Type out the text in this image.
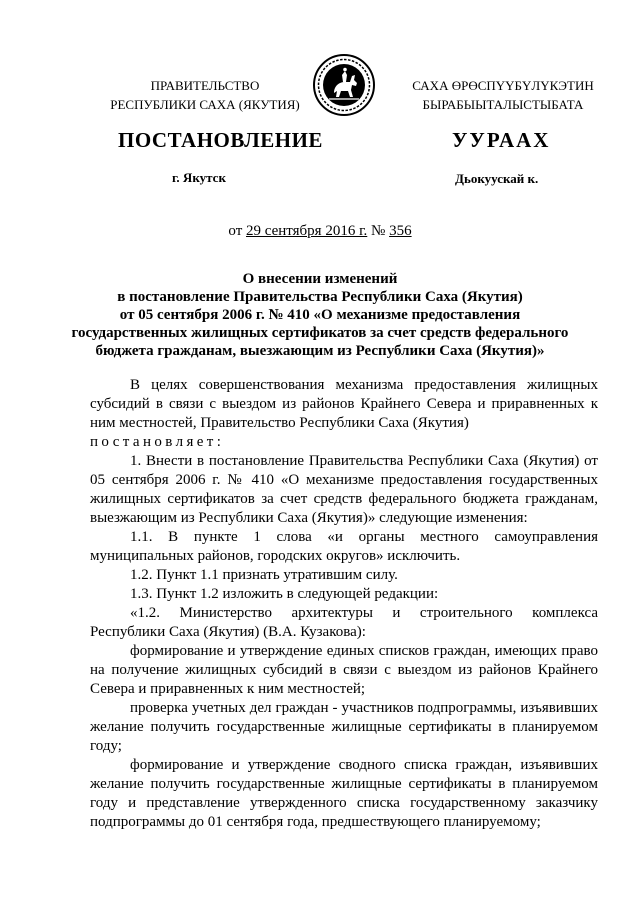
ПРАВИТЕЛЬСТВО
РЕСПУБЛИКИ САХА (ЯКУТИЯ)
САХА ӨРӨСПҮҮБҮЛҮКЭТИН
БЫРАБЫЫТАЛЫСТЫБАТА
ПОСТАНОВЛЕНИЕ	УУРААХ
г. Якутск	Дьокуускай к.
от 29 сентября 2016 г. № 356
О внесении изменений
в постановление Правительства Республики Саха (Якутия)
от 05 сентября 2006 г. № 410 «О механизме предоставления
государственных жилищных сертификатов за счет средств федерального
бюджета гражданам, выезжающим из Республики Саха (Якутия)»

В целях совершенствования механизма предоставления жилищных субсидий в связи с выездом из районов Крайнего Севера и приравненных к ним местностей, Правительство Республики Саха (Якутия)

постановляет:

1. Внести в постановление Правительства Республики Саха (Якутия) от 05 сентября 2006 г. № 410 «О механизме предоставления государственных жилищных сертификатов за счет средств федерального бюджета гражданам, выезжающим из Республики Саха (Якутия)» следующие изменения:

1.1. В пункте 1 слова «и органы местного самоуправления муниципальных районов, городских округов» исключить.

1.2. Пункт 1.1 признать утратившим силу.

1.3. Пункт 1.2 изложить в следующей редакции:

«1.2. Министерство архитектуры и строительного комплекса Республики Саха (Якутия) (В.А. Кузакова):

формирование и утверждение единых списков граждан, имеющих право на получение жилищных субсидий в связи с выездом из районов Крайнего Севера и приравненных к ним местностей;

проверка учетных дел граждан - участников подпрограммы, изъявивших желание получить государственные жилищные сертификаты в планируемом году;

формирование и утверждение сводного списка граждан, изъявивших желание получить государственные жилищные сертификаты в планируемом году и представление утвержденного списка государственному заказчику подпрограммы до 01 сентября года, предшествующего планируемому;
